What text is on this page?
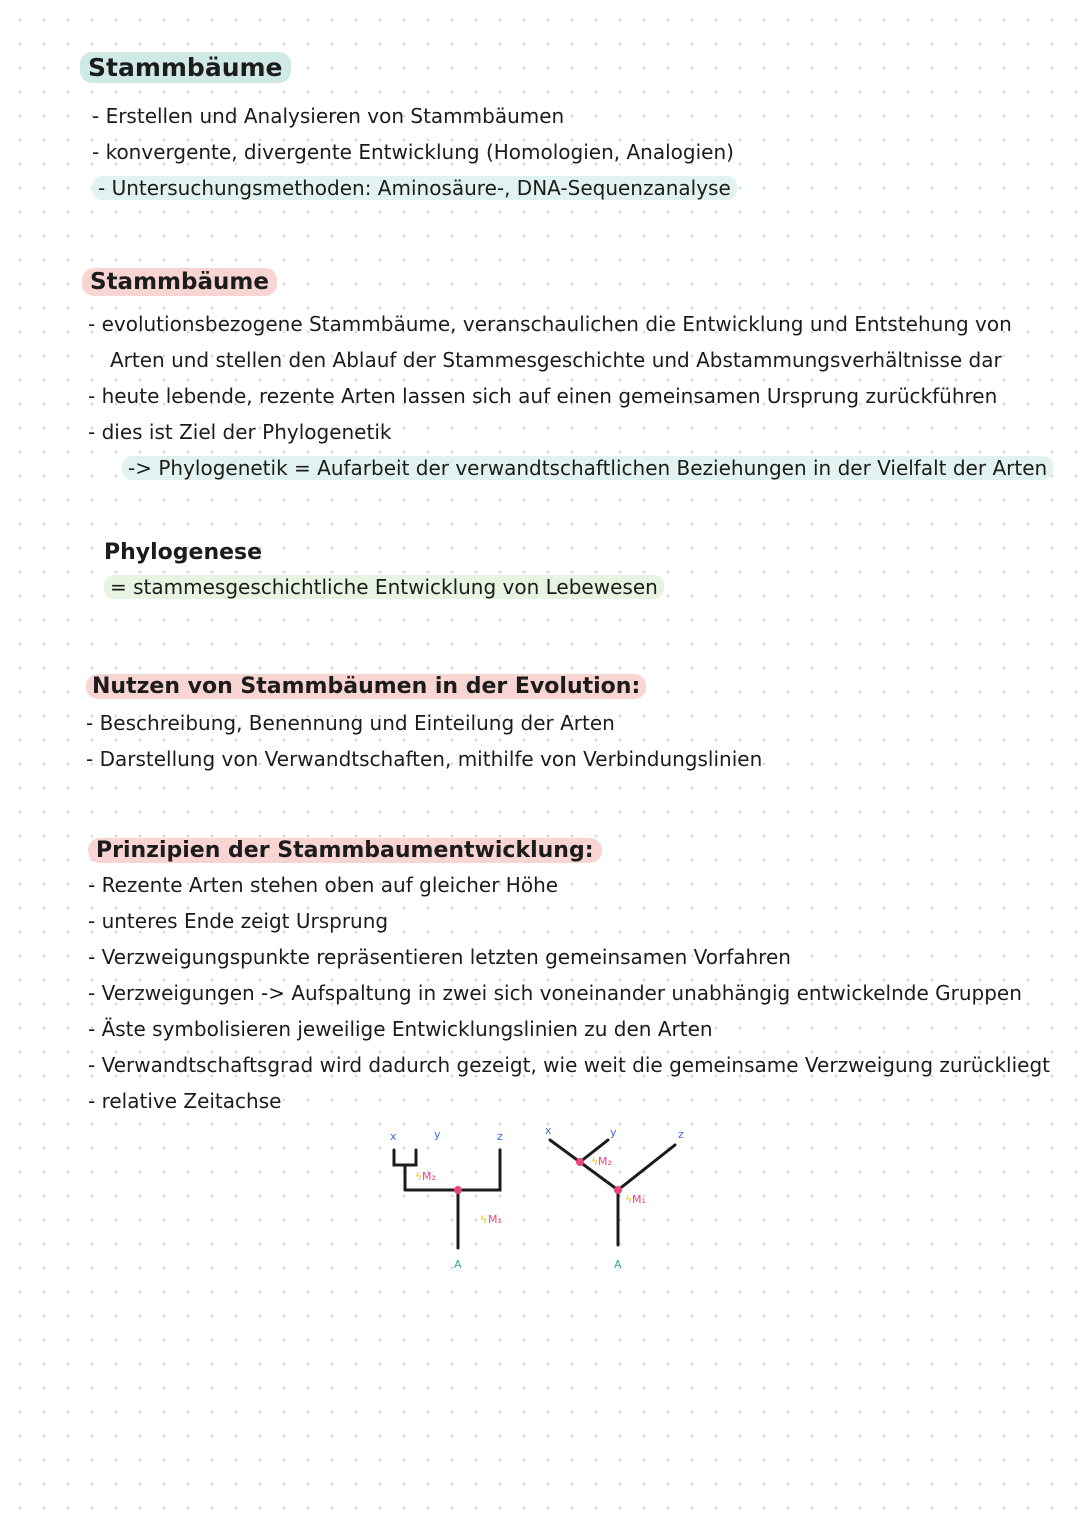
Stammbäume
- Erstellen und Analysieren von Stammbäumen
- konvergente, divergente Entwicklung (Homologien, Analogien)
- Untersuchungsmethoden: Aminosäure-, DNA-Sequenzanalyse
Stammbäume
- evolutionsbezogene Stammbäume, veranschaulichen die Entwicklung und Entstehung von
Arten und stellen den Ablauf der Stammesgeschichte und Abstammungsverhältnisse dar
- heute lebende, rezente Arten lassen sich auf einen gemeinsamen Ursprung zurückführen
- dies ist Ziel der Phylogenetik
-> Phylogenetik = Aufarbeit der verwandtschaftlichen Beziehungen in der Vielfalt der Arten
Phylogenese
= stammesgeschichtliche Entwicklung von Lebewesen
Nutzen von Stammbäumen in der Evolution:
- Beschreibung, Benennung und Einteilung der Arten
- Darstellung von Verwandtschaften, mithilfe von Verbindungslinien
Prinzipien der Stammbaumentwicklung:
- Rezente Arten stehen oben auf gleicher Höhe
- unteres Ende zeigt Ursprung
- Verzweigungspunkte repräsentieren letzten gemeinsamen Vorfahren
- Verzweigungen -> Aufspaltung in zwei sich voneinander unabhängig entwickelnde Gruppen
- Äste symbolisieren jeweilige Entwicklungslinien zu den Arten
- Verwandtschaftsgrad wird dadurch gezeigt, wie weit die gemeinsame Verzweigung zurückliegt
- relative Zeitachse
x	y	z
A
M₂
M₁
ϟ
ϟ
x	y	z
A
M₂
M₁
ϟ
ϟ
